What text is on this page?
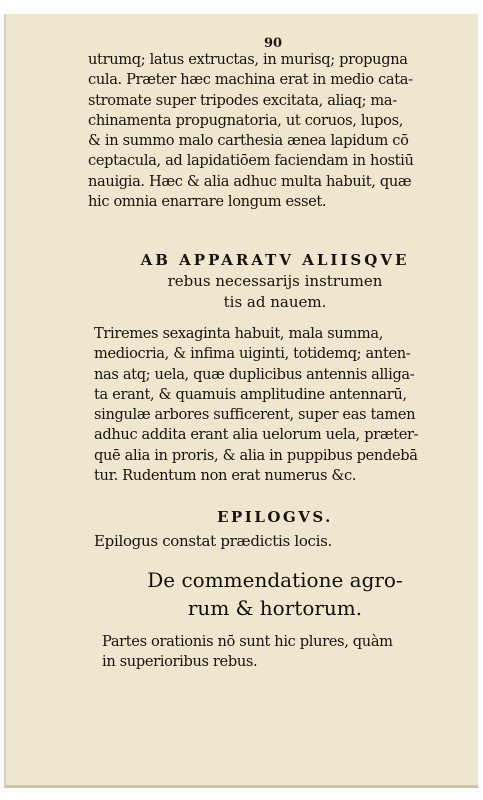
90
utrumq; latus extructas, in murisq; propugna
cula. Præter hæc machina erat in medio cata-
stromate super tripodes excitata, aliaq; ma-
chinamenta propugnatoria, ut coruos, lupos,
& in summo malo carthesia ænea lapidum cō
ceptacula, ad lapidatiōem faciendam in hostiū
nauigia. Hæc & alia adhuc multa habuit, quæ
hic omnia enarrare longum esset.
AB APPARATV ALIISQVE
rebus necessarijs instrumen
tis ad nauem.
Triremes sexaginta habuit, mala summa,
mediocria, & infima uiginti, totidemq; anten-
nas atq; uela, quæ duplicibus antennis alliga-
ta erant, & quamuis amplitudine antennarū,
singulæ arbores sufficerent, super eas tamen
adhuc addita erant alia uelorum uela, præter-
quē alia in proris, & alia in puppibus pendebā
tur. Rudentum non erat numerus &c.
EPILOGVS.
Epilogus constat prædictis locis.
De commendatione agro-
rum & hortorum.
Partes orationis nō sunt hic plures, quàm
in superioribus rebus.
